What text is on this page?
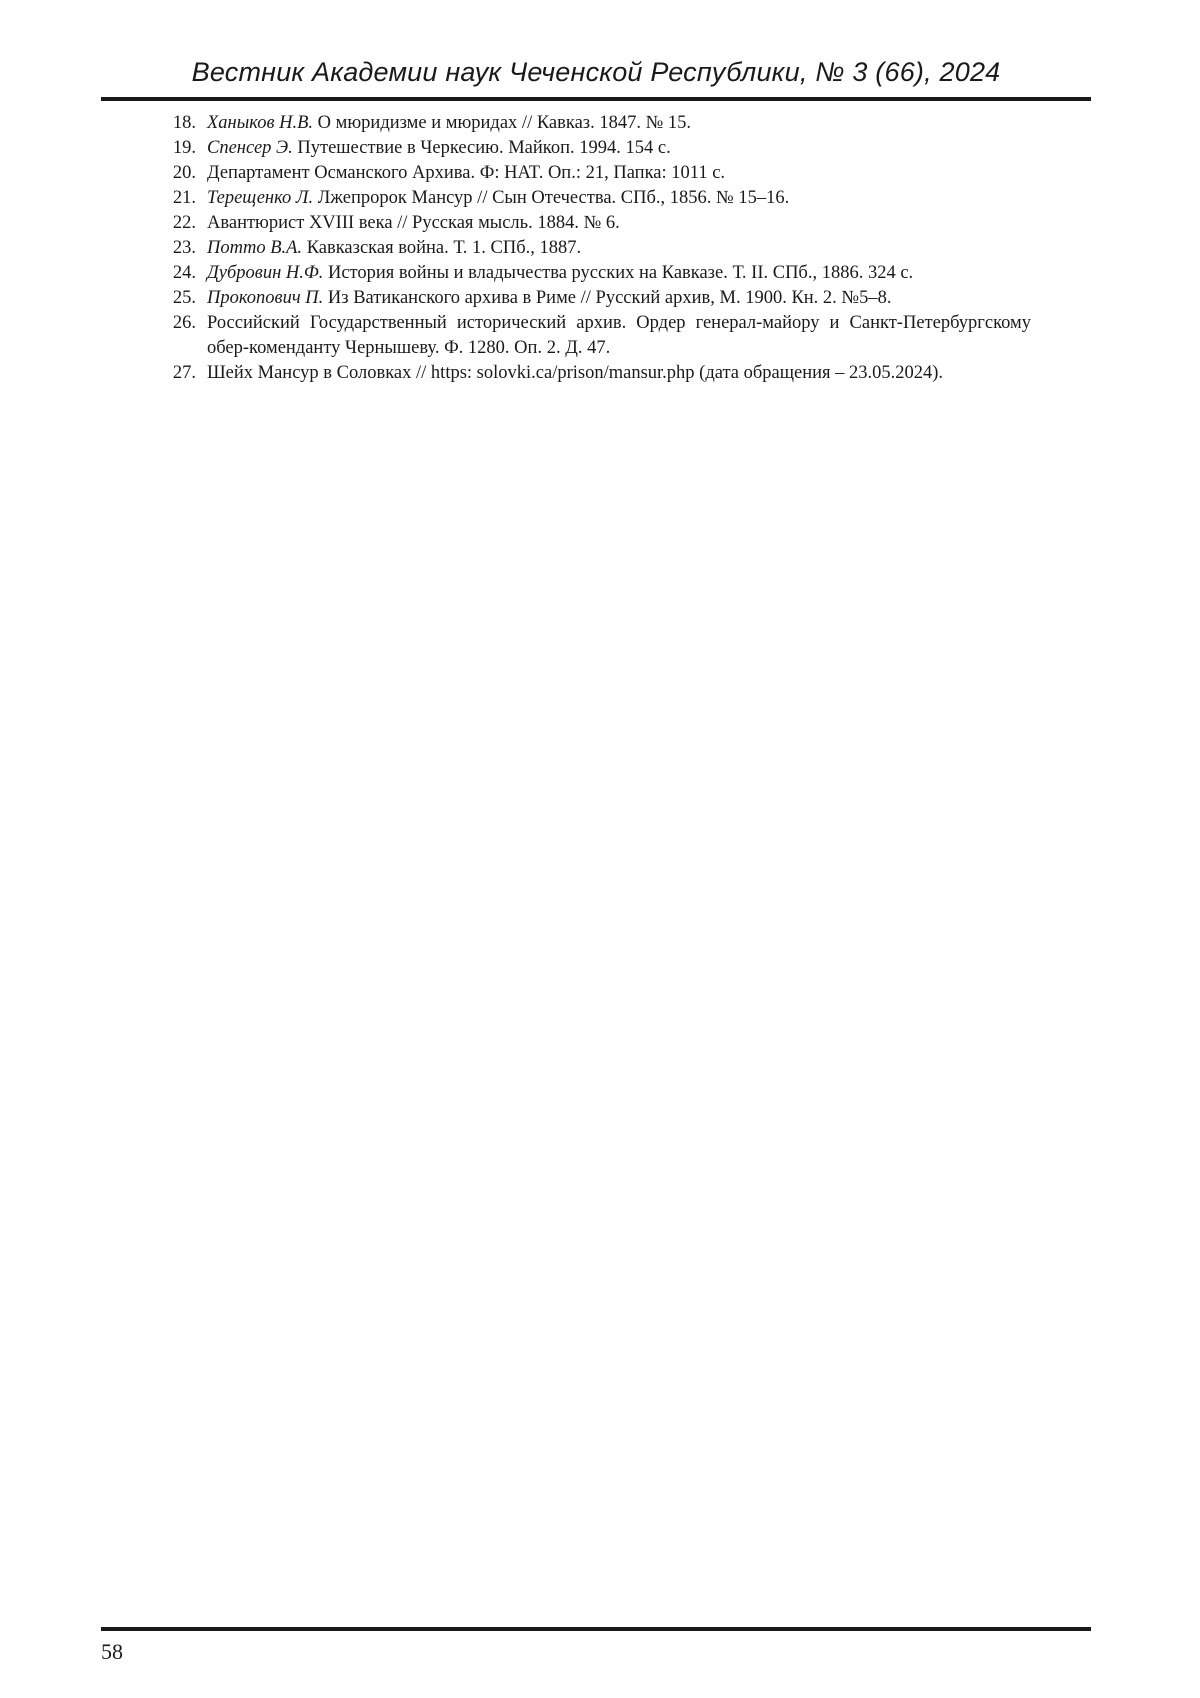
Вестник Академии наук Чеченской Республики, № 3 (66), 2024
18. Ханыков Н.В. О мюридизме и мюридах // Кавказ. 1847. № 15.
19. Спенсер Э. Путешествие в Черкесию. Майкоп. 1994. 154 с.
20. Департамент Османского Архива. Ф: HAT. Оп.: 21, Папка: 1011 с.
21. Терещенко Л. Лжепророк Мансур // Сын Отечества. СПб., 1856. № 15–16.
22. Авантюрист XVIII века // Русская мысль. 1884. № 6.
23. Потто В.А. Кавказская война. Т. 1. СПб., 1887.
24. Дубровин Н.Ф. История войны и владычества русских на Кавказе. Т. II. СПб., 1886. 324 с.
25. Прокопович П. Из Ватиканского архива в Риме // Русский архив, М. 1900. Кн. 2. №5–8.
26. Российский Государственный исторический архив. Ордер генерал-майору и Санкт-Петербургскому обер-коменданту Чернышеву. Ф. 1280. Оп. 2. Д. 47.
27. Шейх Мансур в Соловках // https: solovki.ca/prison/mansur.php (дата обращения – 23.05.2024).
58
